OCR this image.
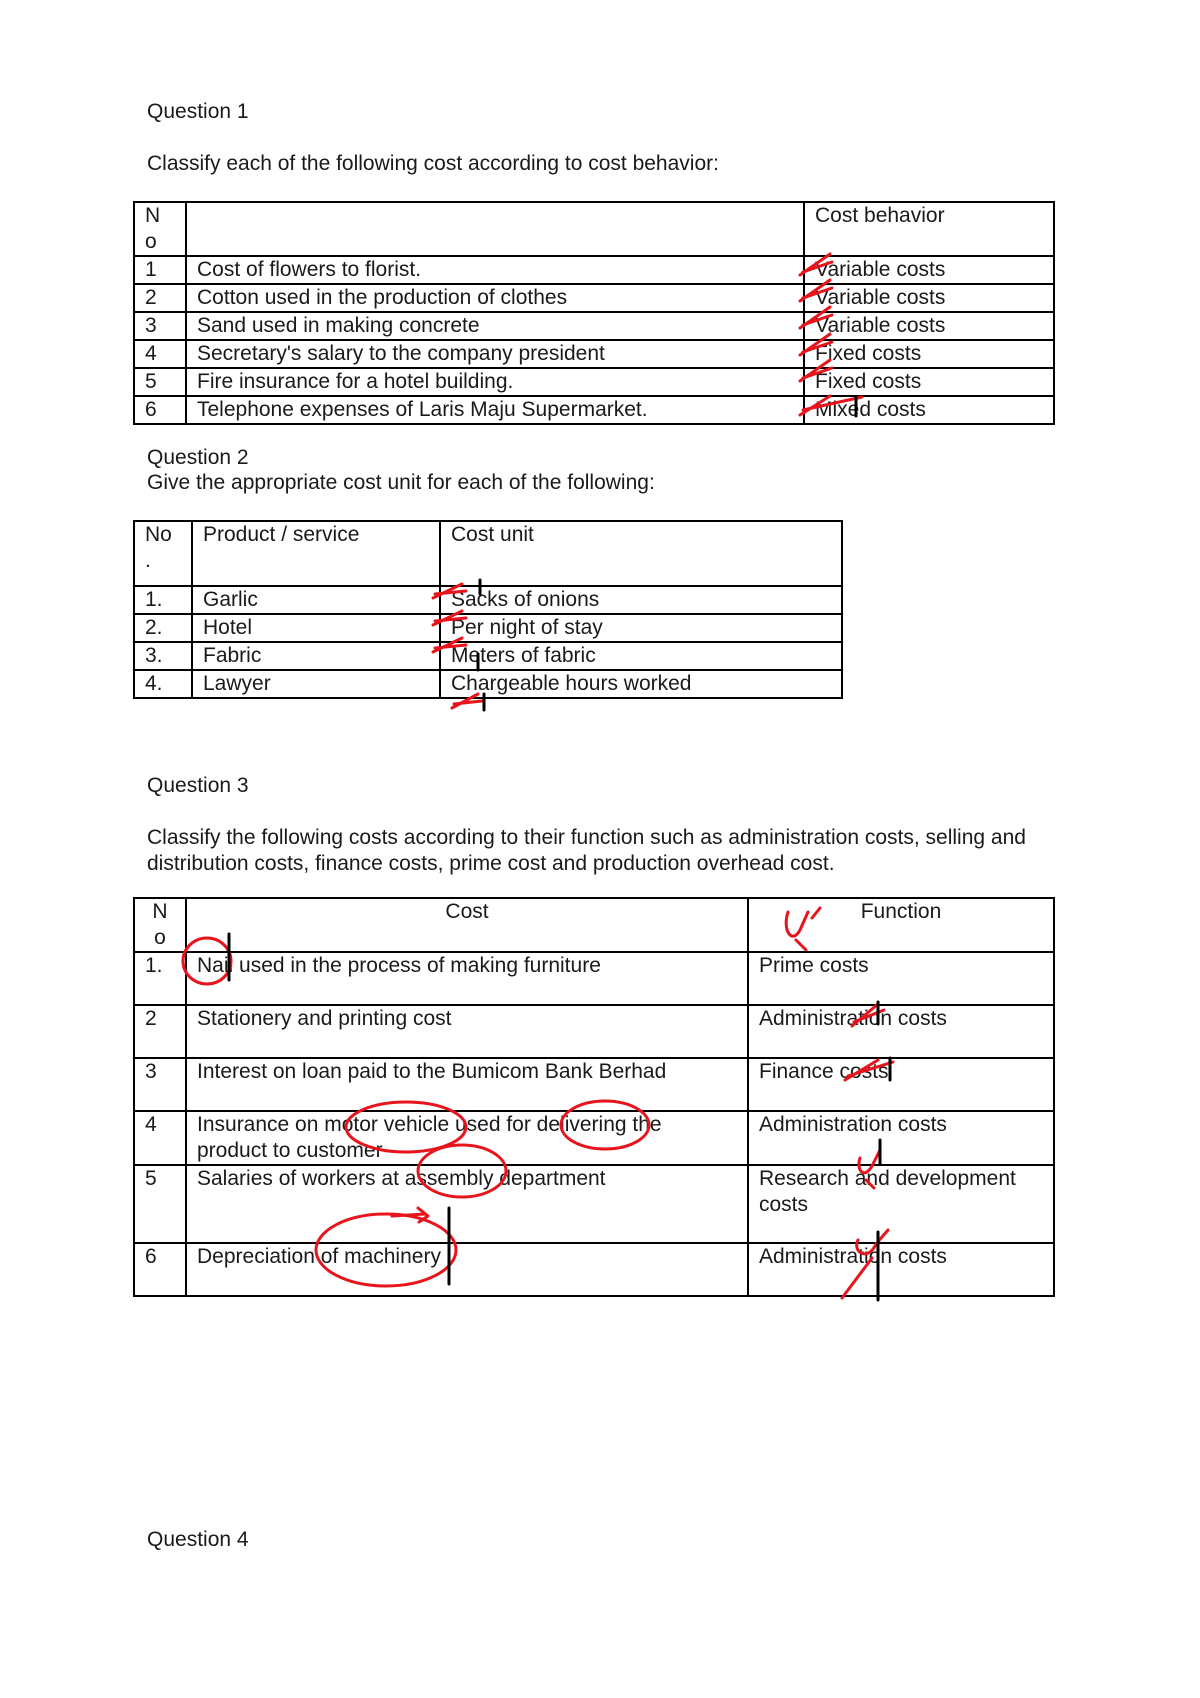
Question 1
Classify each of the following cost according to cost behavior:
N o		Cost behavior
1	Cost of flowers to florist.	Variable costs
2	Cotton used in the production of clothes	Variable costs
3	Sand used in making concrete	Variable costs
4	Secretary's salary to the company president	Fixed costs
5	Fire insurance for a hotel building.	Fixed costs
6	Telephone expenses of Laris Maju Supermarket.	Mixed costs
Question 2
Give the appropriate cost unit for each of the following:
No .	Product / service	Cost unit
1.	Garlic	Sacks of onions
2.	Hotel	Per night of stay
3.	Fabric	Meters of fabric
4.	Lawyer	Chargeable hours worked
Question 3
Classify the following costs according to their function such as administration costs, selling and distribution costs, finance costs, prime cost and production overhead cost.
N o	Cost	Function
1.	Nail used in the process of making furniture	Prime costs
2	Stationery and printing cost	Administration costs
3	Interest on loan paid to the Bumicom Bank Berhad	Finance costs
4	Insurance on motor vehicle used for delivering the product to customer	Administration costs
5	Salaries of workers at assembly department	Research and development costs
6	Depreciation of machinery	Administration costs
Question 4
